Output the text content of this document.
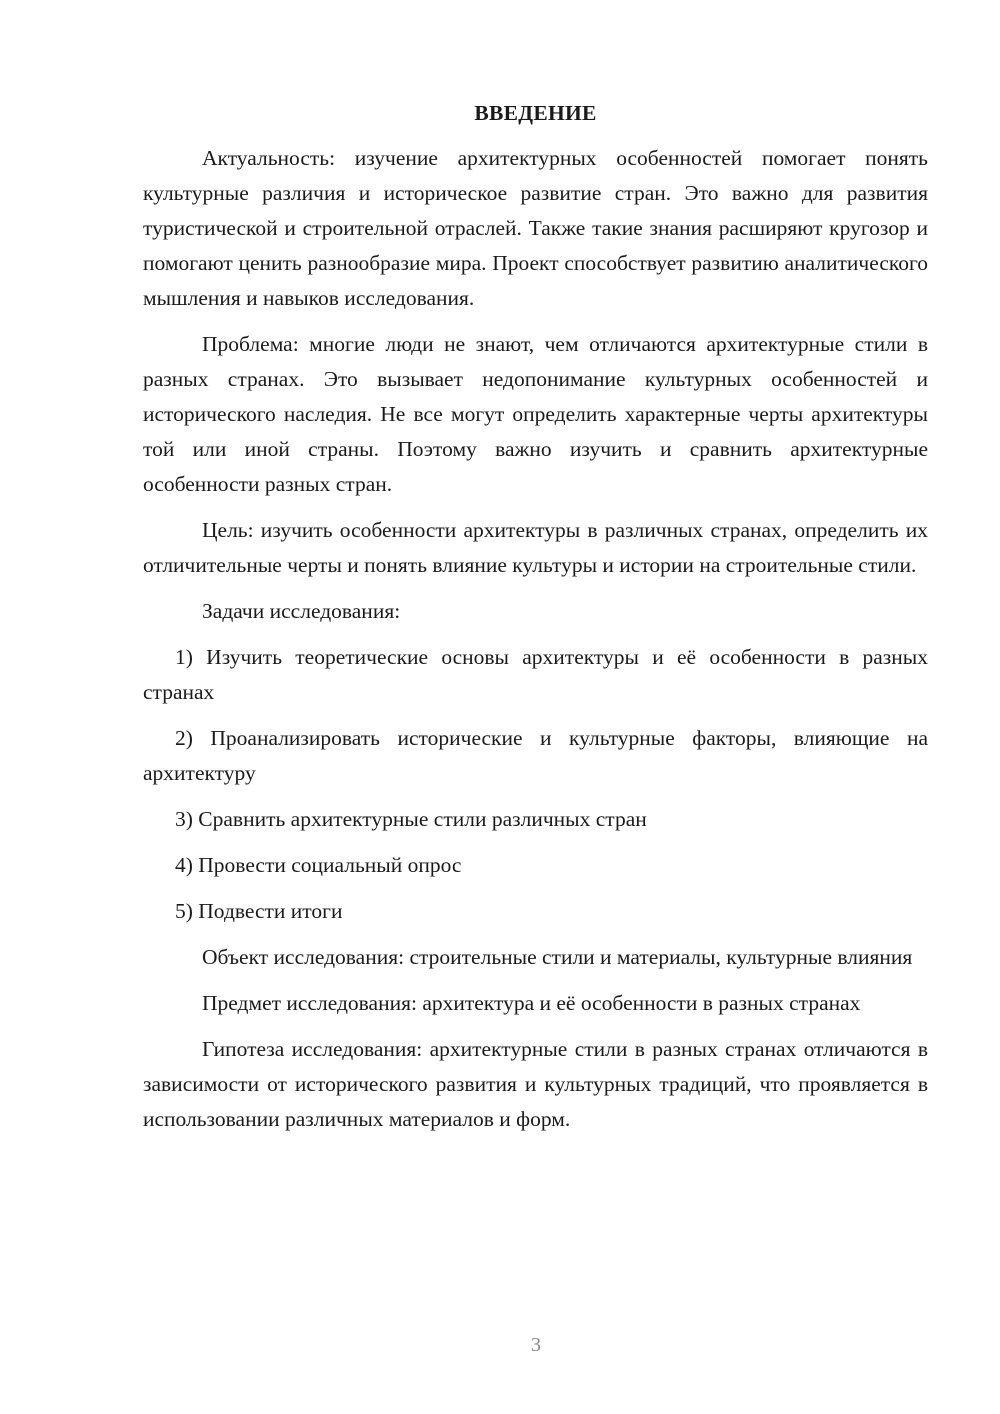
ВВЕДЕНИЕ

Актуальность: изучение архитектурных особенностей помогает понять культурные различия и историческое развитие стран. Это важно для развития туристической и строительной отраслей. Также такие знания расширяют кругозор и помогают ценить разнообразие мира. Проект способствует развитию аналитического мышления и навыков исследования.

Проблема: многие люди не знают, чем отличаются архитектурные стили в разных странах. Это вызывает недопонимание культурных особенностей и исторического наследия. Не все могут определить характерные черты архитектуры той или иной страны. Поэтому важно изучить и сравнить архитектурные особенности разных стран.

Цель: изучить особенности архитектуры в различных странах, определить их отличительные черты и понять влияние культуры и истории на строительные стили.

Задачи исследования:

1) Изучить теоретические основы архитектуры и её особенности в разных странах

2) Проанализировать исторические и культурные факторы, влияющие на архитектуру

3) Сравнить архитектурные стили различных стран

4) Провести социальный опрос

5) Подвести итоги

Объект исследования: строительные стили и материалы, культурные влияния

Предмет исследования: архитектура и её особенности в разных странах

Гипотеза исследования: архитектурные стили в разных странах отличаются в зависимости от исторического развития и культурных традиций, что проявляется в использовании различных материалов и форм.

3
